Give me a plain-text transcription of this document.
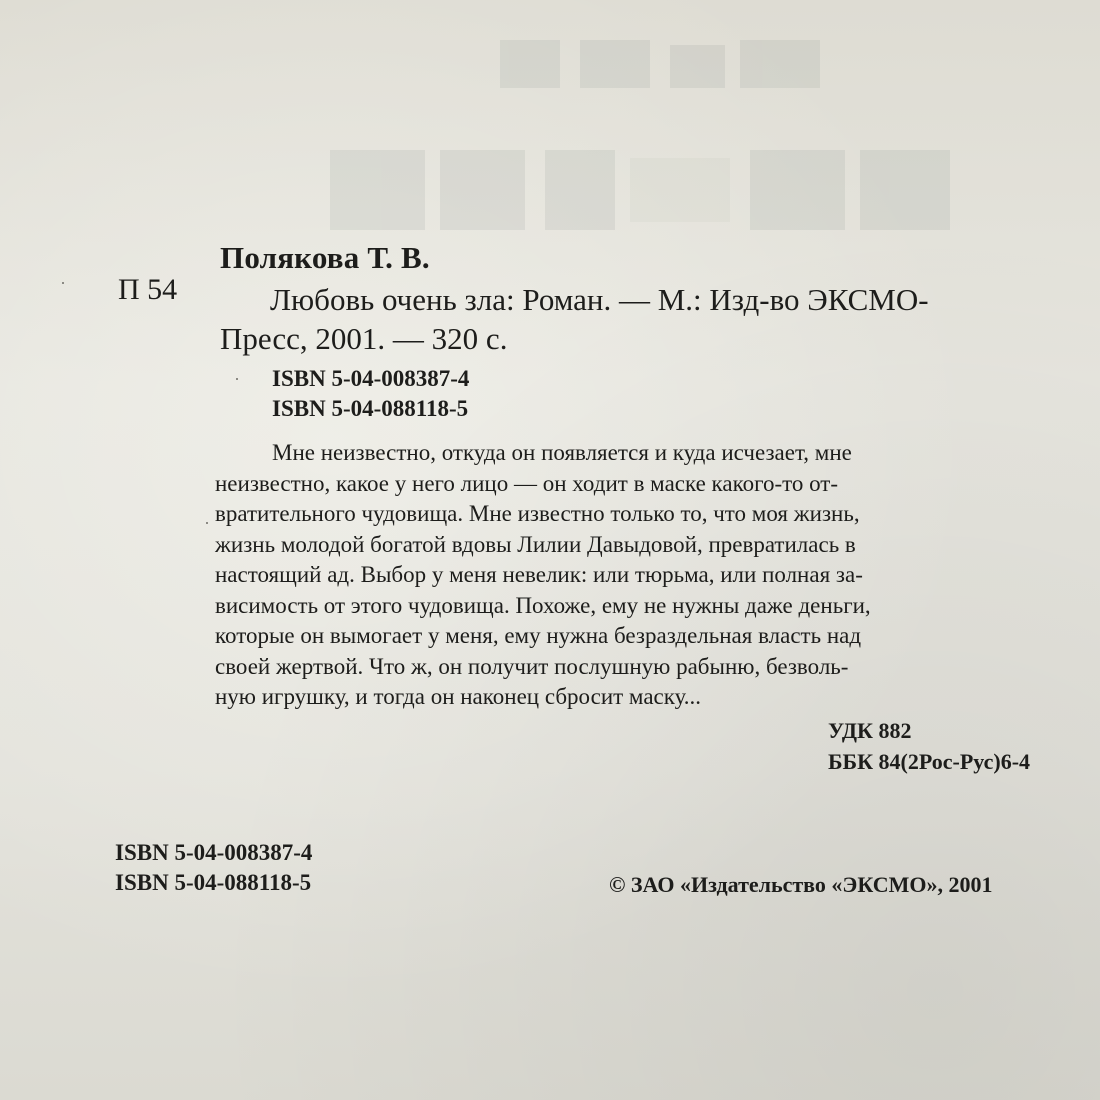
Полякова Т. В.
П 54	Любовь очень зла: Роман. — М.: Изд-во ЭКСМО-
Пресс, 2001. — 320 с.
ISBN 5-04-008387-4
ISBN 5-04-088118-5
Мне неизвестно, откуда он появляется и куда исчезает, мне
неизвестно, какое у него лицо — он ходит в маске какого-то от-
вратительного чудовища. Мне известно только то, что моя жизнь,
жизнь молодой богатой вдовы Лилии Давыдовой, превратилась в
настоящий ад. Выбор у меня невелик: или тюрьма, или полная за-
висимость от этого чудовища. Похоже, ему не нужны даже деньги,
которые он вымогает у меня, ему нужна безраздельная власть над
своей жертвой. Что ж, он получит послушную рабыню, безволь-
ную игрушку, и тогда он наконец сбросит маску...
УДК 882
ББК 84(2Рос-Рус)6-4
ISBN 5-04-008387-4
ISBN 5-04-088118-5	© ЗАО «Издательство «ЭКСМО», 2001
